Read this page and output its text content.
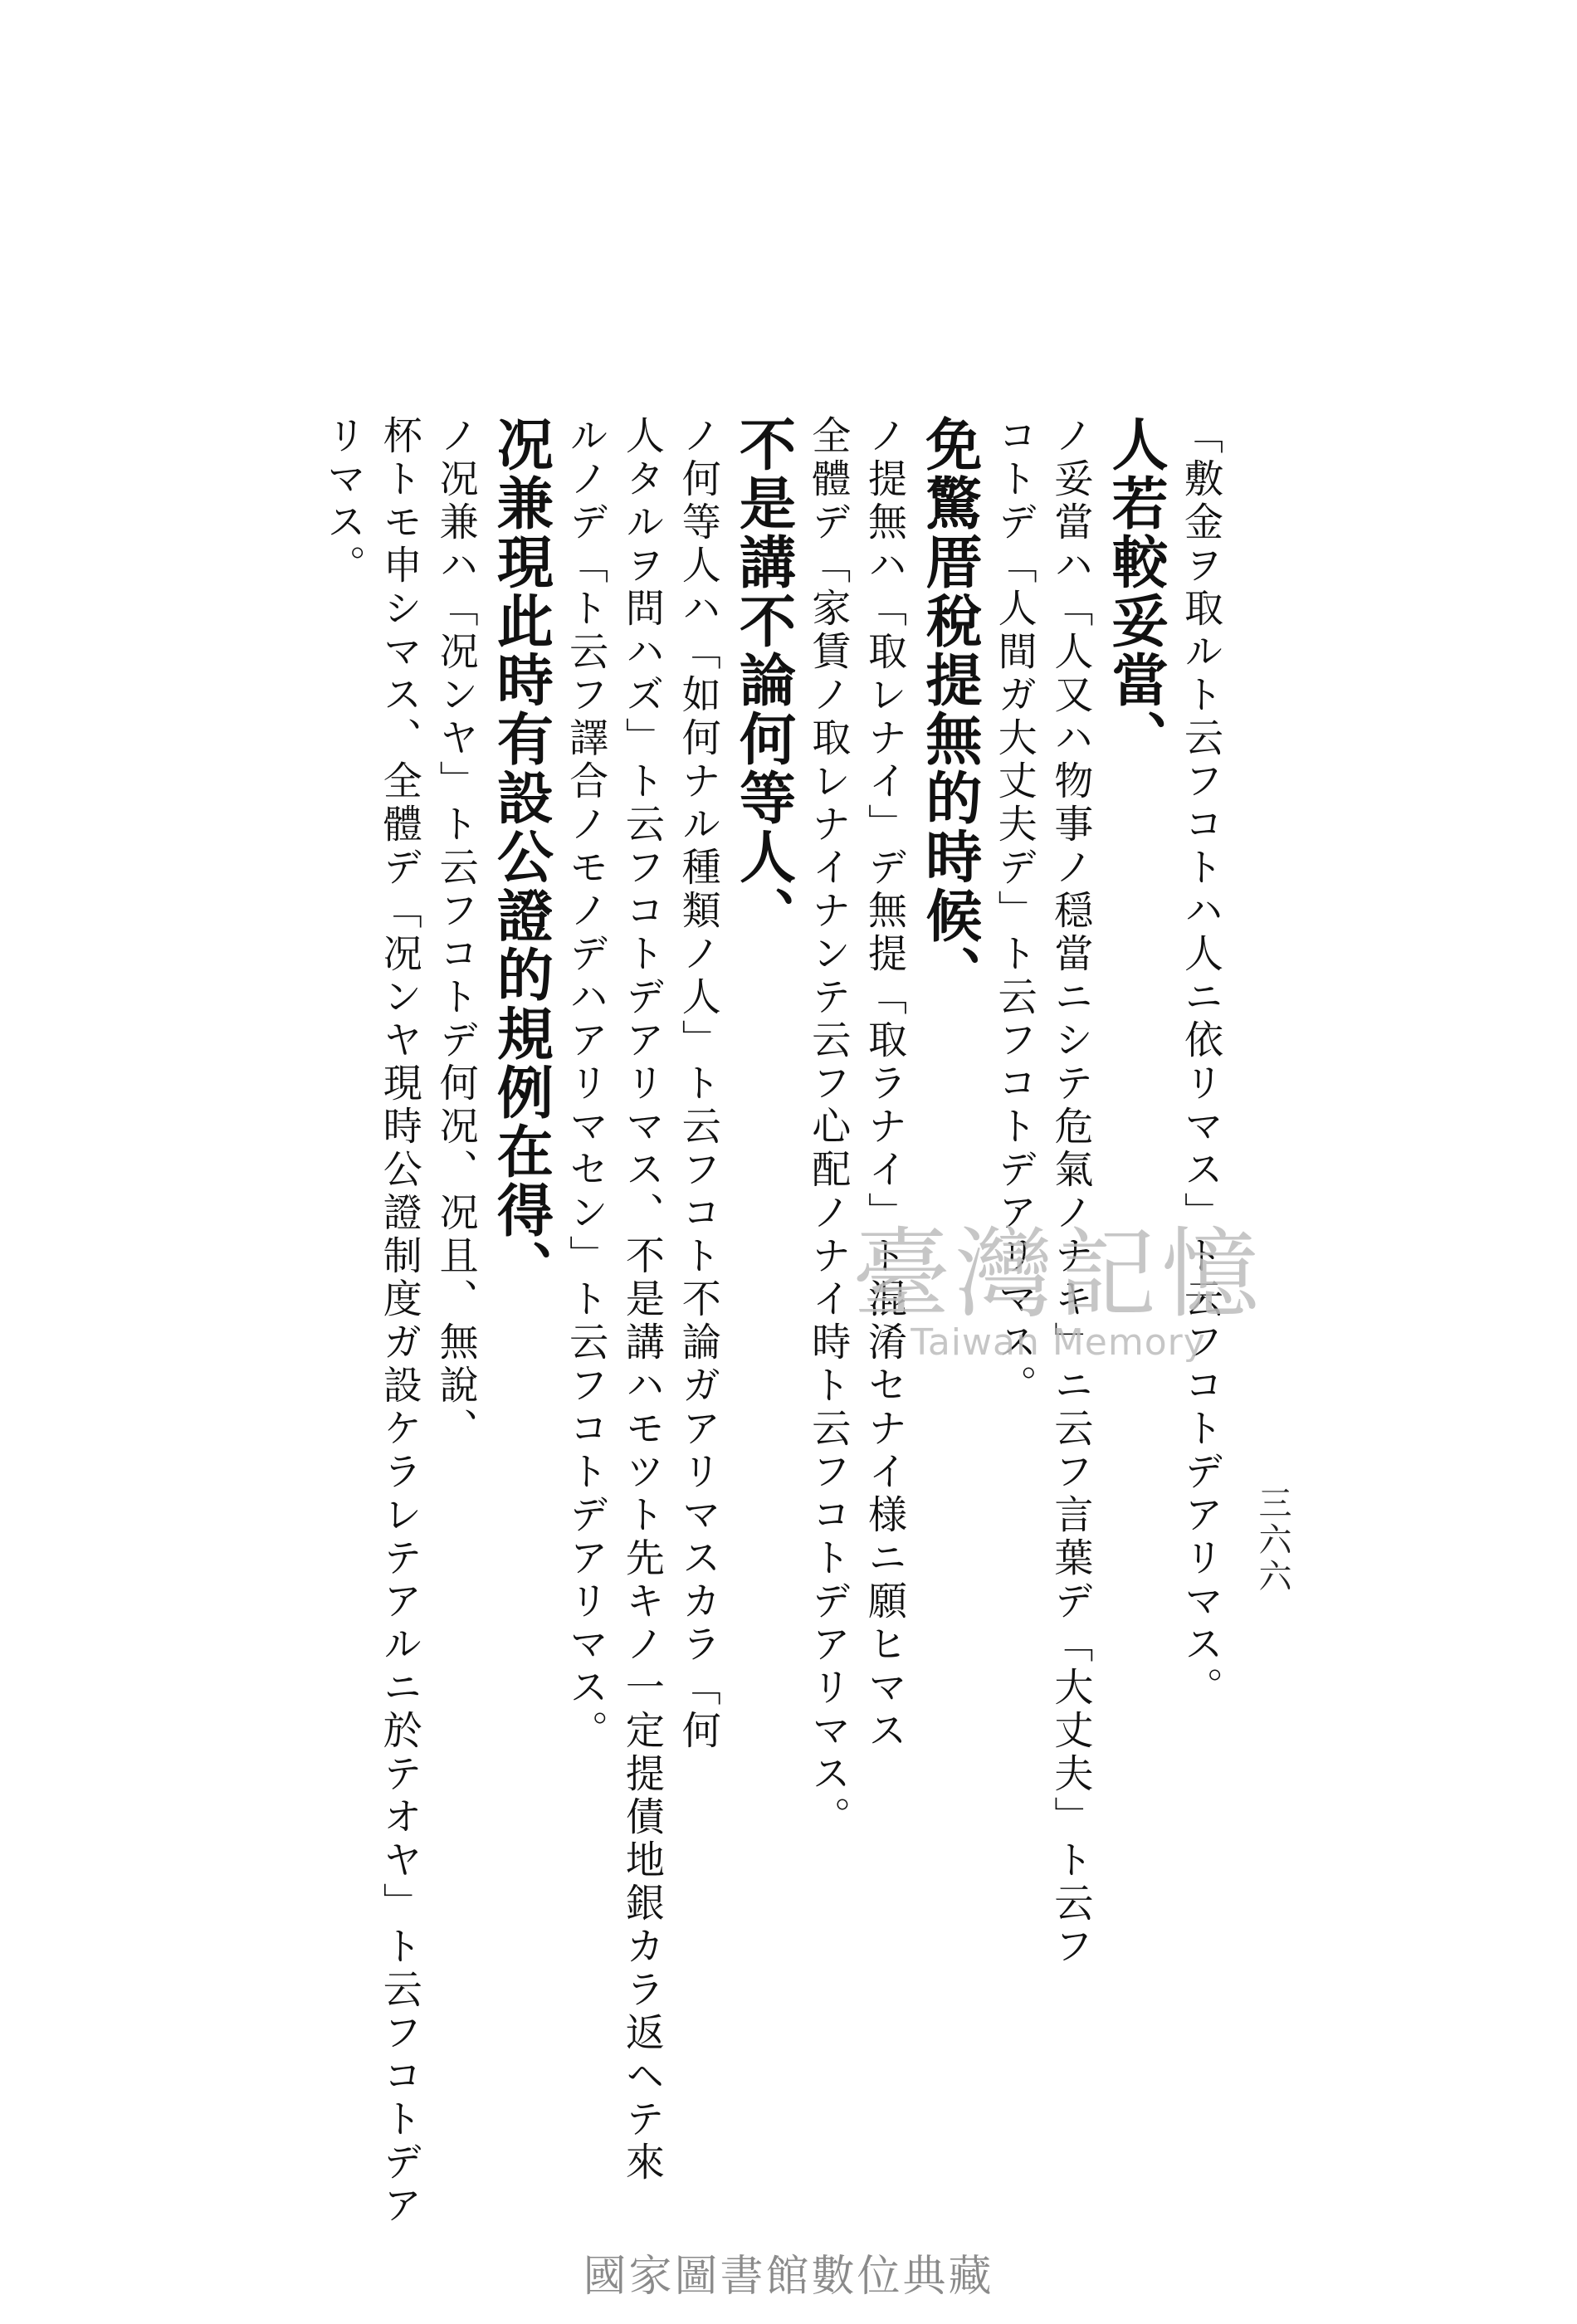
三六六
「敷金ヲ取ルト云フコトハ人ニ依リマス」ト云フコトデアリマス。
人若較妥當、
ノ妥當ハ「人又ハ物事ノ穏當ニシテ危氣ノナキ」ニ云フ言葉デ「大丈夫」ト云フ
コトデ「人間ガ大丈夫デ」ト云フコトデアリマス。
免驚厝稅提無的時候、
ノ提無ハ「取レナイ」デ無提「取ラナイ」ト混淆セナイ様ニ願ヒマス
全體デ「家賃ノ取レナイナンテ云フ心配ノナイ時ト云フコトデアリマス。
不是講不論何等人、
ノ何等人ハ「如何ナル種類ノ人」ト云フコト不論ガアリマスカラ「何
人タルヲ問ハズ」ト云フコトデアリマス、不是講ハモツト先キノ一定提債地銀カラ返ヘテ來
ルノデ「ト云フ譯合ノモノデハアリマセン」ト云フコトデアリマス。
况兼現此時有設公證的規例在得、
ノ况兼ハ「况ンヤ」ト云フコトデ何况、况且、無說、
杯トモ申シマス、全體デ「况ンヤ現時公證制度ガ設ケラレテアルニ於テオヤ」ト云フコトデア
リマス。
臺灣記憶
Taiwan Memory
國家圖書館數位典藏
